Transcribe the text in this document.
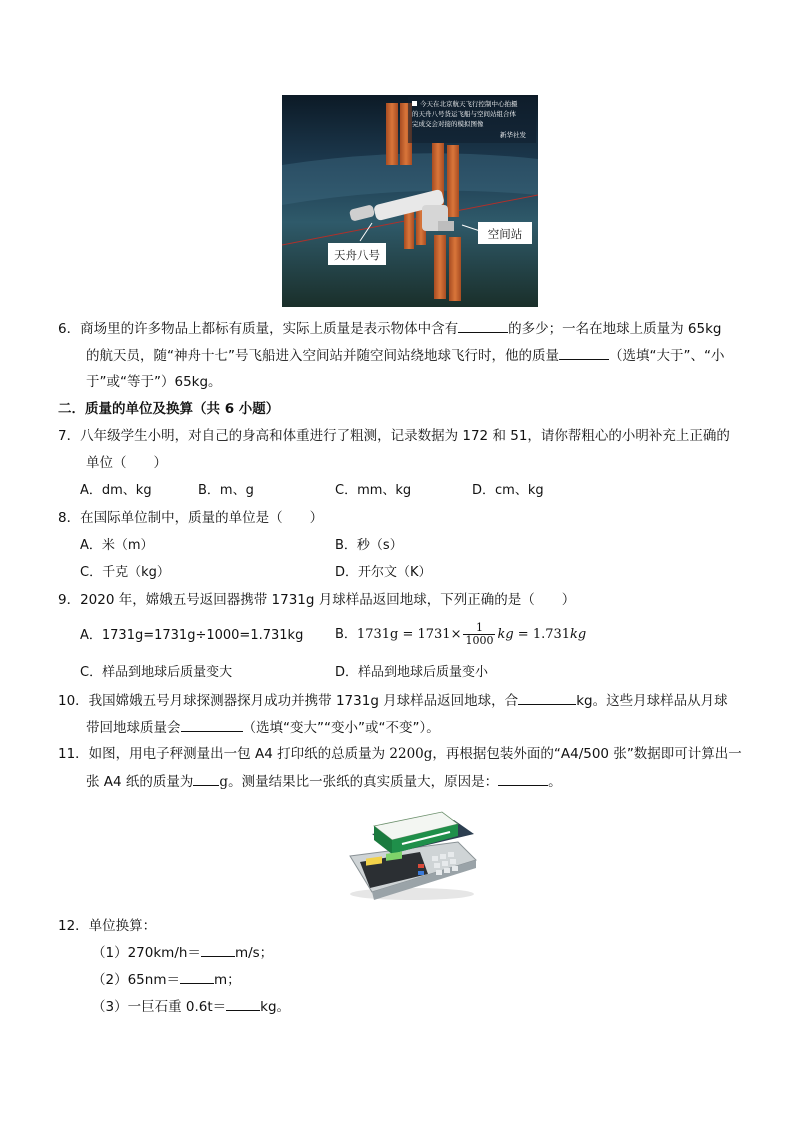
今天在北京航天飞行控制中心拍摄
的天舟八号货运飞船与空间站组合体
完成交会对接的模拟图像
新华社发
天舟八号
空间站
6．商场里的许多物品上都标有质量，实际上质量是表示物体中含有	的多少；一名在地球上质量为 65kg
的航天员，随“神舟十七”号飞船进入空间站并随空间站绕地球飞行时，他的质量	（选填“大于”、“小
于”或“等于”）65kg。
二．质量的单位及换算（共 6 小题）
7．八年级学生小明，对自己的身高和体重进行了粗测，记录数据为 172 和 51，请你帮粗心的小明补充上正确的
单位（　　）
A．dm、kg	B．m、g	C．mm、kg	D．cm、kg
8．在国际单位制中，质量的单位是（　　）
A．米（m）	B．秒（s）
C．千克（kg）	D．开尔文（K）
9．2020 年，嫦娥五号返回器携带 1731g 月球样品返回地球，下列正确的是（　　）
A．1731g=1731g÷1000=1.731kg B．$1731g = 1731\times \frac{1}{1000}$ kg = 1.731kg
C．样品到地球后质量变大	D．样品到地球后质量变小
10．我国嫦娥五号月球探测器探月成功并携带 1731g 月球样品返回地球，合	kg。这些月球样品从月球
带回地球质量会	（选填“变大”“变小”或“不变”）。
11．如图，用电子秤测量出一包 A4 打印纸的总质量为 2200g，再根据包装外面的“A4/500 张”数据即可计算出一
张 A4 纸的质量为 g。测量结果比一张纸的真实质量大，原因是：	。
12．单位换算：
（1）270km/h＝	m/s；
（2）65nm＝	m；
（3）一巨石重 0.6t＝	kg。
